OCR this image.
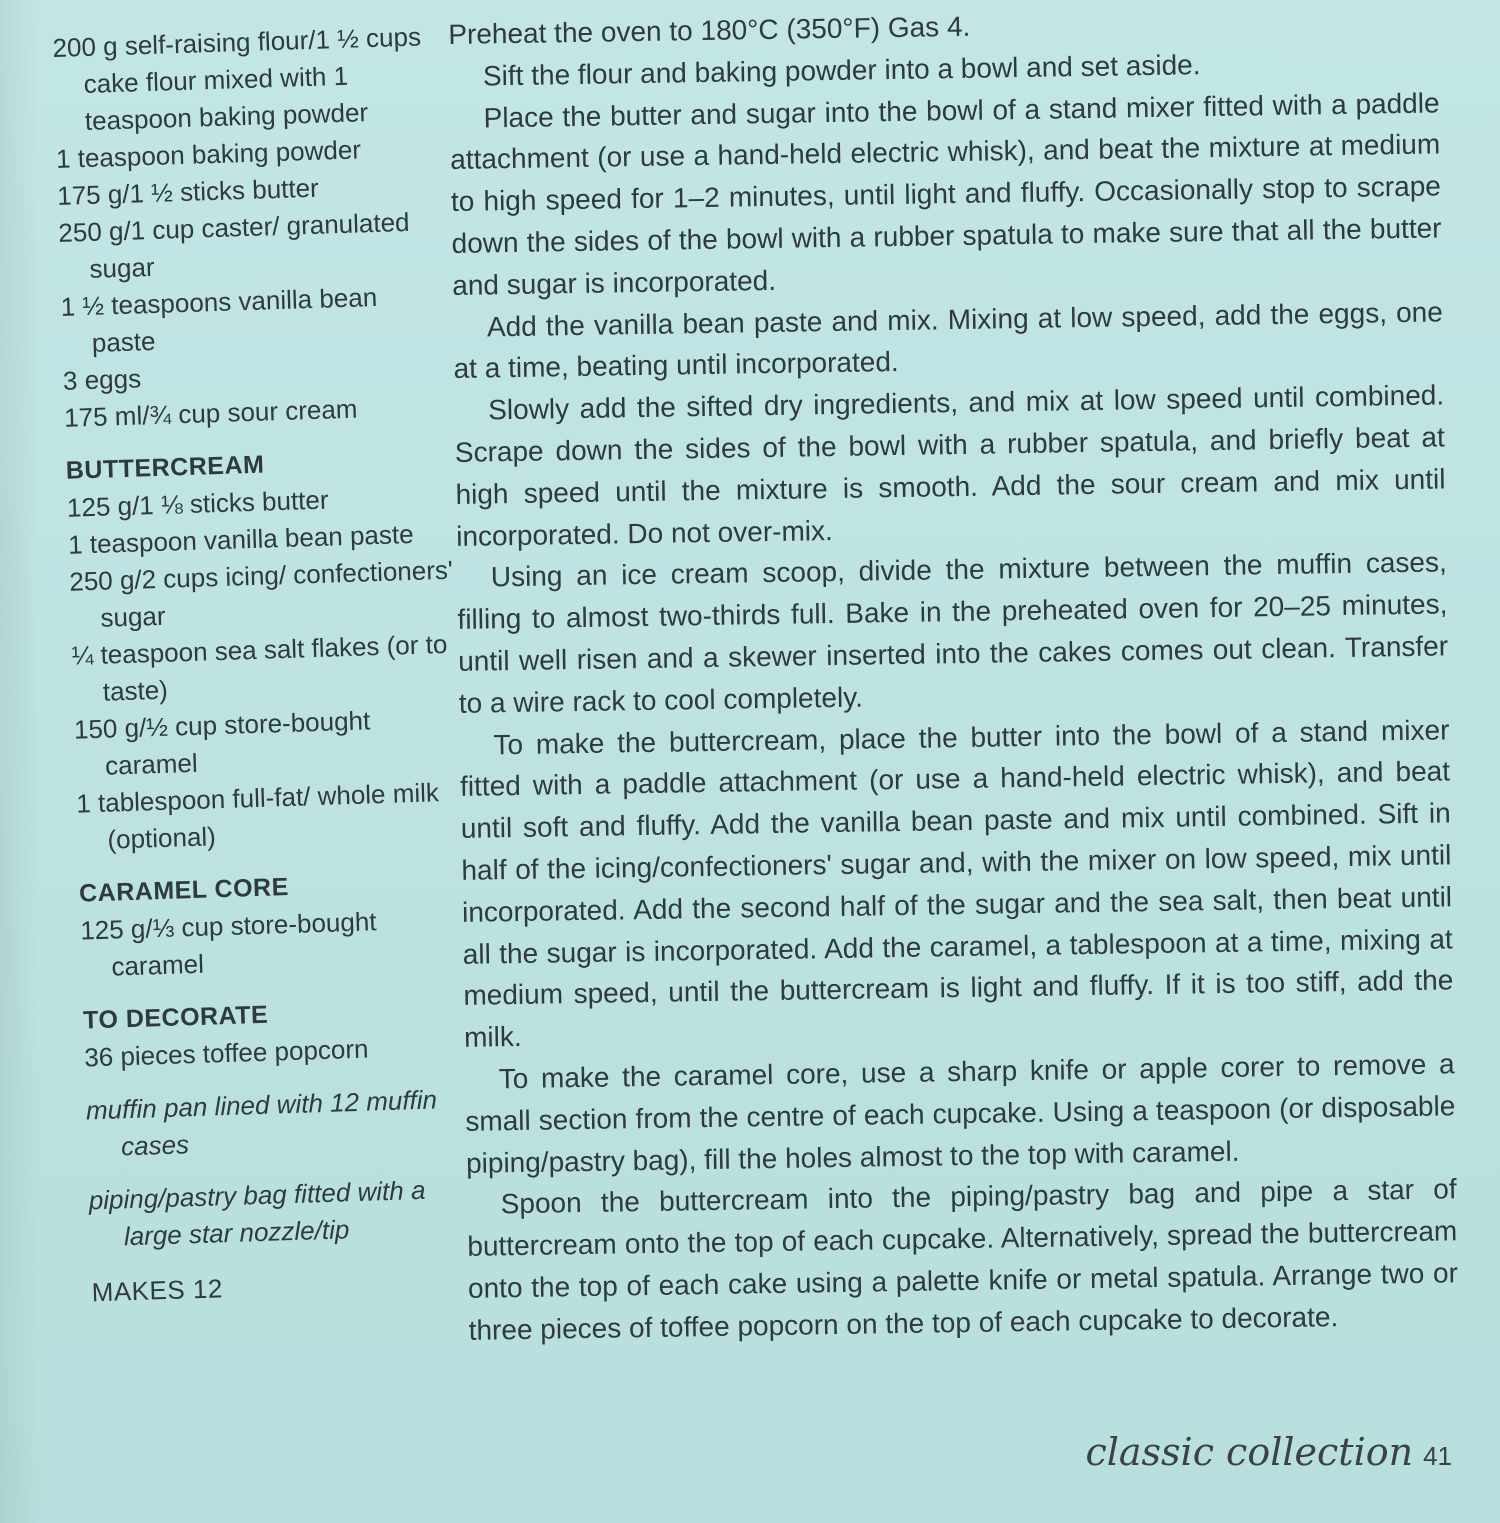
200 g self-raising flour/1 ½ cups cake flour mixed with 1 teaspoon baking powder
1 teaspoon baking powder
175 g/1 ½ sticks butter
250 g/1 cup caster/ granulated sugar
1 ½ teaspoons vanilla bean paste
3 eggs
175 ml/¾ cup sour cream
BUTTERCREAM
125 g/1 ⅛ sticks butter
1 teaspoon vanilla bean paste
250 g/2 cups icing/ confectioners' sugar
¼ teaspoon sea salt flakes (or to taste)
150 g/½ cup store-bought caramel
1 tablespoon full-fat/ whole milk (optional)
CARAMEL CORE
125 g/⅓ cup store-bought caramel
TO DECORATE
36 pieces toffee popcorn

muffin pan lined with 12 muffin cases

piping/pastry bag fitted with a large star nozzle/tip

MAKES 12

Preheat the oven to 180°C (350°F) Gas 4.

Sift the flour and baking powder into a bowl and set aside.

Place the butter and sugar into the bowl of a stand mixer fitted with a paddle attachment (or use a hand-held electric whisk), and beat the mixture at medium to high speed for 1–2 minutes, until light and fluffy. Occasionally stop to scrape down the sides of the bowl with a rubber spatula to make sure that all the butter and sugar is incorporated.

Add the vanilla bean paste and mix. Mixing at low speed, add the eggs, one at a time, beating until incorporated.

Slowly add the sifted dry ingredients, and mix at low speed until combined. Scrape down the sides of the bowl with a rubber spatula, and briefly beat at high speed until the mixture is smooth. Add the sour cream and mix until incorporated. Do not over-mix.

Using an ice cream scoop, divide the mixture between the muffin cases, filling to almost two-thirds full. Bake in the preheated oven for 20–25 minutes, until well risen and a skewer inserted into the cakes comes out clean. Transfer to a wire rack to cool completely.

To make the buttercream, place the butter into the bowl of a stand mixer fitted with a paddle attachment (or use a hand-held electric whisk), and beat until soft and fluffy. Add the vanilla bean paste and mix until combined. Sift in half of the icing/confectioners' sugar and, with the mixer on low speed, mix until incorporated. Add the second half of the sugar and the sea salt, then beat until all the sugar is incorporated. Add the caramel, a tablespoon at a time, mixing at medium speed, until the buttercream is light and fluffy. If it is too stiff, add the milk.

To make the caramel core, use a sharp knife or apple corer to remove a small section from the centre of each cupcake. Using a teaspoon (or disposable piping/pastry bag), fill the holes almost to the top with caramel.

Spoon the buttercream into the piping/pastry bag and pipe a star of buttercream onto the top of each cupcake. Alternatively, spread the buttercream onto the top of each cake using a palette knife or metal spatula. Arrange two or three pieces of toffee popcorn on the top of each cupcake to decorate.

classic collection 41
